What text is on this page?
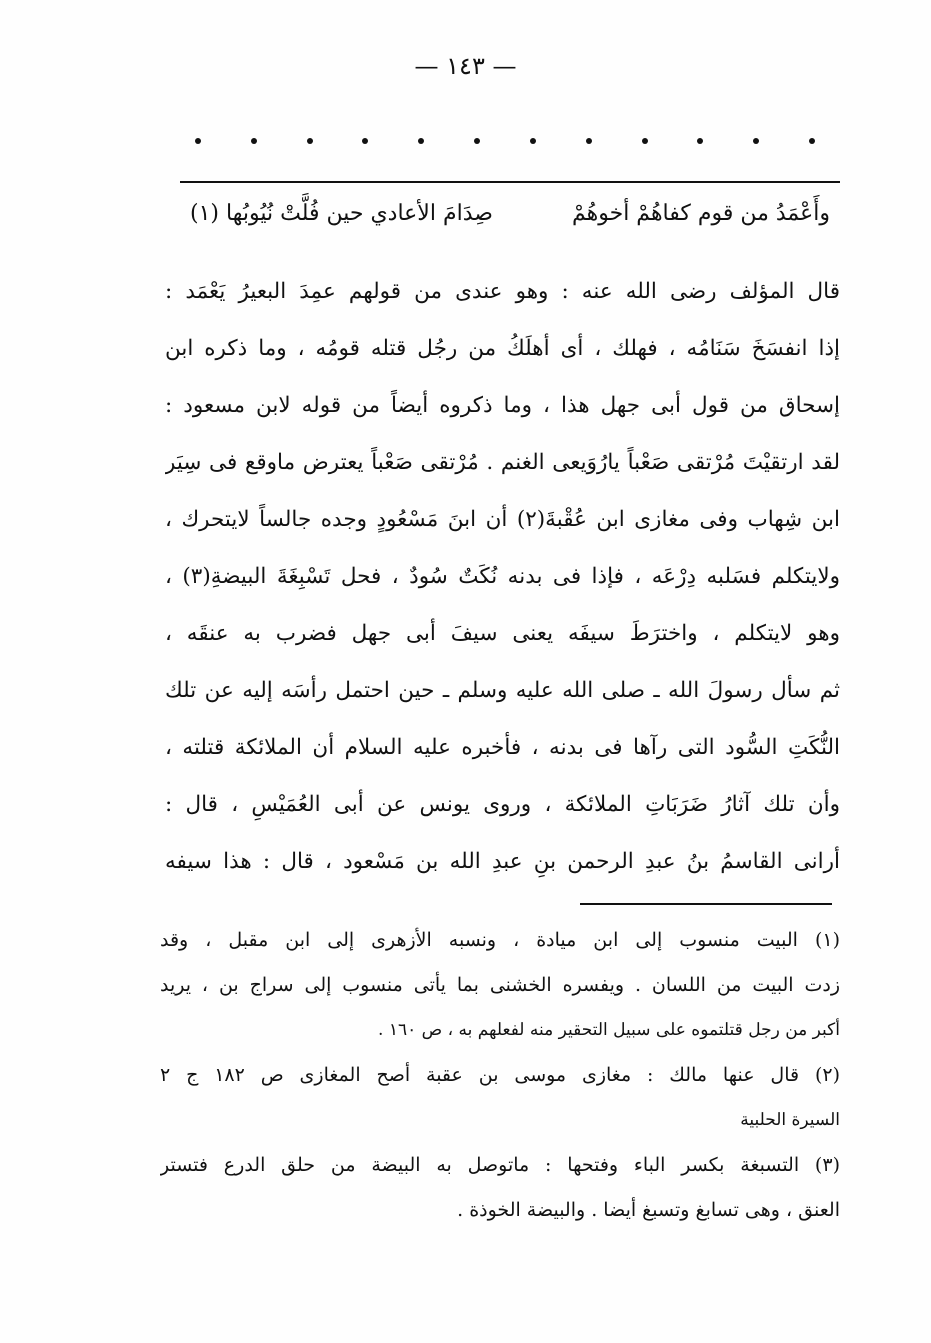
— ١٤٣ —
وأَعْمَدُ من قوم كفاهُمْ أخوهُمْ
صِدَامَ الأعادي حين فُلَّتْ نُيُوبُها (١)
قال المؤلف رضى الله عنه : وهو عندى من قولهم عمِدَ البعيرُ يَعْمَد :
إذا انفسَخَ سَنَامُه ، فهلك ، أى أهلَكُ من رجُل قتله قومُه ، وما ذكره ابن
إسحاق من قول أبى جهل هذا ، وما ذكروه أيضاً من قوله لابن مسعود :
لقد ارتقيْتَ مُرْتقى صَعْباً يارُوَيعى الغنم . مُرْتقى صَعْباً يعترض ماوقع فى سِيَر
ابن شِهاب وفى مغازى ابن عُقْبةَ(٢) أن ابنَ مَسْعُودٍ وجده جالساً لايتحرك ،
ولايتكلم فسَلبه دِرْعَه ، فإذا فى بدنه نُكَتٌ سُودٌ ، فحل تَسْبِغَةَ البيضةِ(٣) ،
وهو لايتكلم ، واخترَطَ سيفَه يعنى سيفَ أبى جهل فضرب به عنقَه ،
ثم سأل رسولَ الله ـ صلى الله عليه وسلم ـ حين احتمل رأسَه إليه عن تلك
النُّكَتِ السُّود التى رآها فى بدنه ، فأخبره عليه السلام أن الملائكة قتلته ،
وأن تلك آثارُ ضَرَبَاتِ الملائكة ، وروى يونس عن أبى العُمَيْسِ ، قال :
أرانى القاسمُ بنُ عبدِ الرحمن بنِ عبدِ الله بن مَسْعود ، قال : هذا سيفه
(١) البيت منسوب إلى ابن ميادة ، ونسبه الأزهرى إلى ابن مقبل ، وقد
زدت البيت من اللسان . ويفسره الخشنى بما يأتى منسوب إلى سراج بن ، يريد
أكبر من رجل قتلتموه على سبيل التحقير منه لفعلهم به ، ص ١٦٠ .
(٢) قال عنها مالك : مغازى موسى بن عقبة أصح المغازى ص ١٨٢ ج ٢
السيرة الحلبية
(٣) التسبغة بكسر الباء وفتحها : ماتوصل به البيضة من حلق الدرع فتستر
العنق ، وهى تسابغ وتسبغ أيضا . والبيضة الخوذة .
